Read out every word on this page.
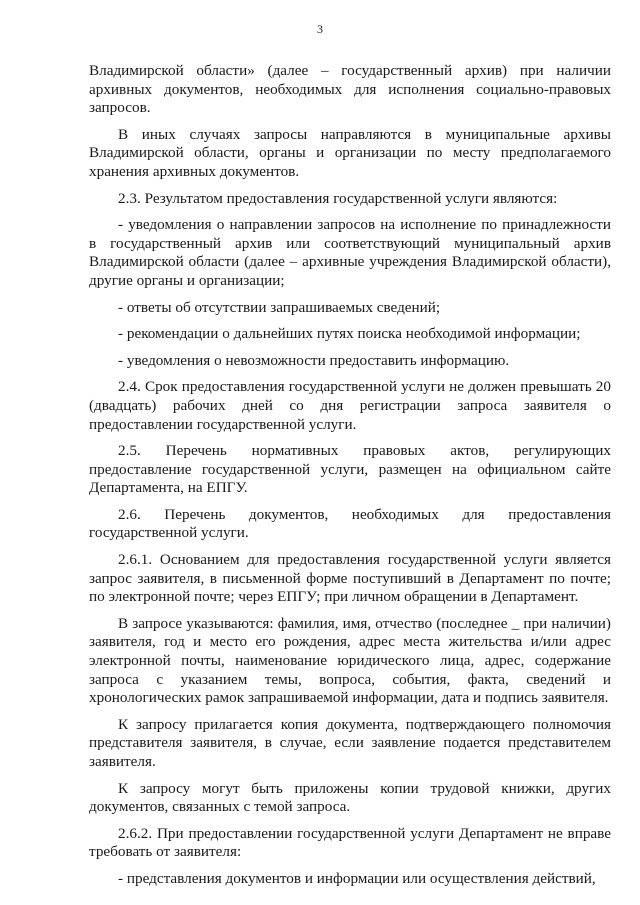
3

Владимирской области» (далее – государственный архив) при наличии архивных документов, необходимых для исполнения социально-правовых запросов.

В иных случаях запросы направляются в муниципальные архивы Владимирской области, органы и организации по месту предполагаемого хранения архивных документов.

2.3. Результатом предоставления государственной услуги являются:

- уведомления о направлении запросов на исполнение по принадлежности в государственный архив или соответствующий муниципальный архив Владимирской области (далее – архивные учреждения Владимирской области), другие органы и организации;

- ответы об отсутствии запрашиваемых сведений;

- рекомендации о дальнейших путях поиска необходимой информации;

- уведомления о невозможности предоставить информацию.

2.4. Срок предоставления государственной услуги не должен превышать 20 (двадцать) рабочих дней со дня регистрации запроса заявителя о предоставлении государственной услуги.

2.5. Перечень нормативных правовых актов, регулирующих предоставление государственной услуги, размещен на официальном сайте Департамента, на ЕПГУ.

2.6. Перечень документов, необходимых для предоставления государственной услуги.

2.6.1. Основанием для предоставления государственной услуги является запрос заявителя, в письменной форме поступивший в Департамент по почте; по электронной почте; через ЕПГУ; при личном обращении в Департамент.

В запросе указываются: фамилия, имя, отчество (последнее _ при наличии) заявителя, год и место его рождения, адрес места жительства и/или адрес электронной почты, наименование юридического лица, адрес, содержание запроса с указанием темы, вопроса, события, факта, сведений и хронологических рамок запрашиваемой информации, дата и подпись заявителя.

К запросу прилагается копия документа, подтверждающего полномочия представителя заявителя, в случае, если заявление подается представителем заявителя.

К запросу могут быть приложены копии трудовой книжки, других документов, связанных с темой запроса.

2.6.2. При предоставлении государственной услуги Департамент не вправе требовать от заявителя:

- представления документов и информации или осуществления действий,
